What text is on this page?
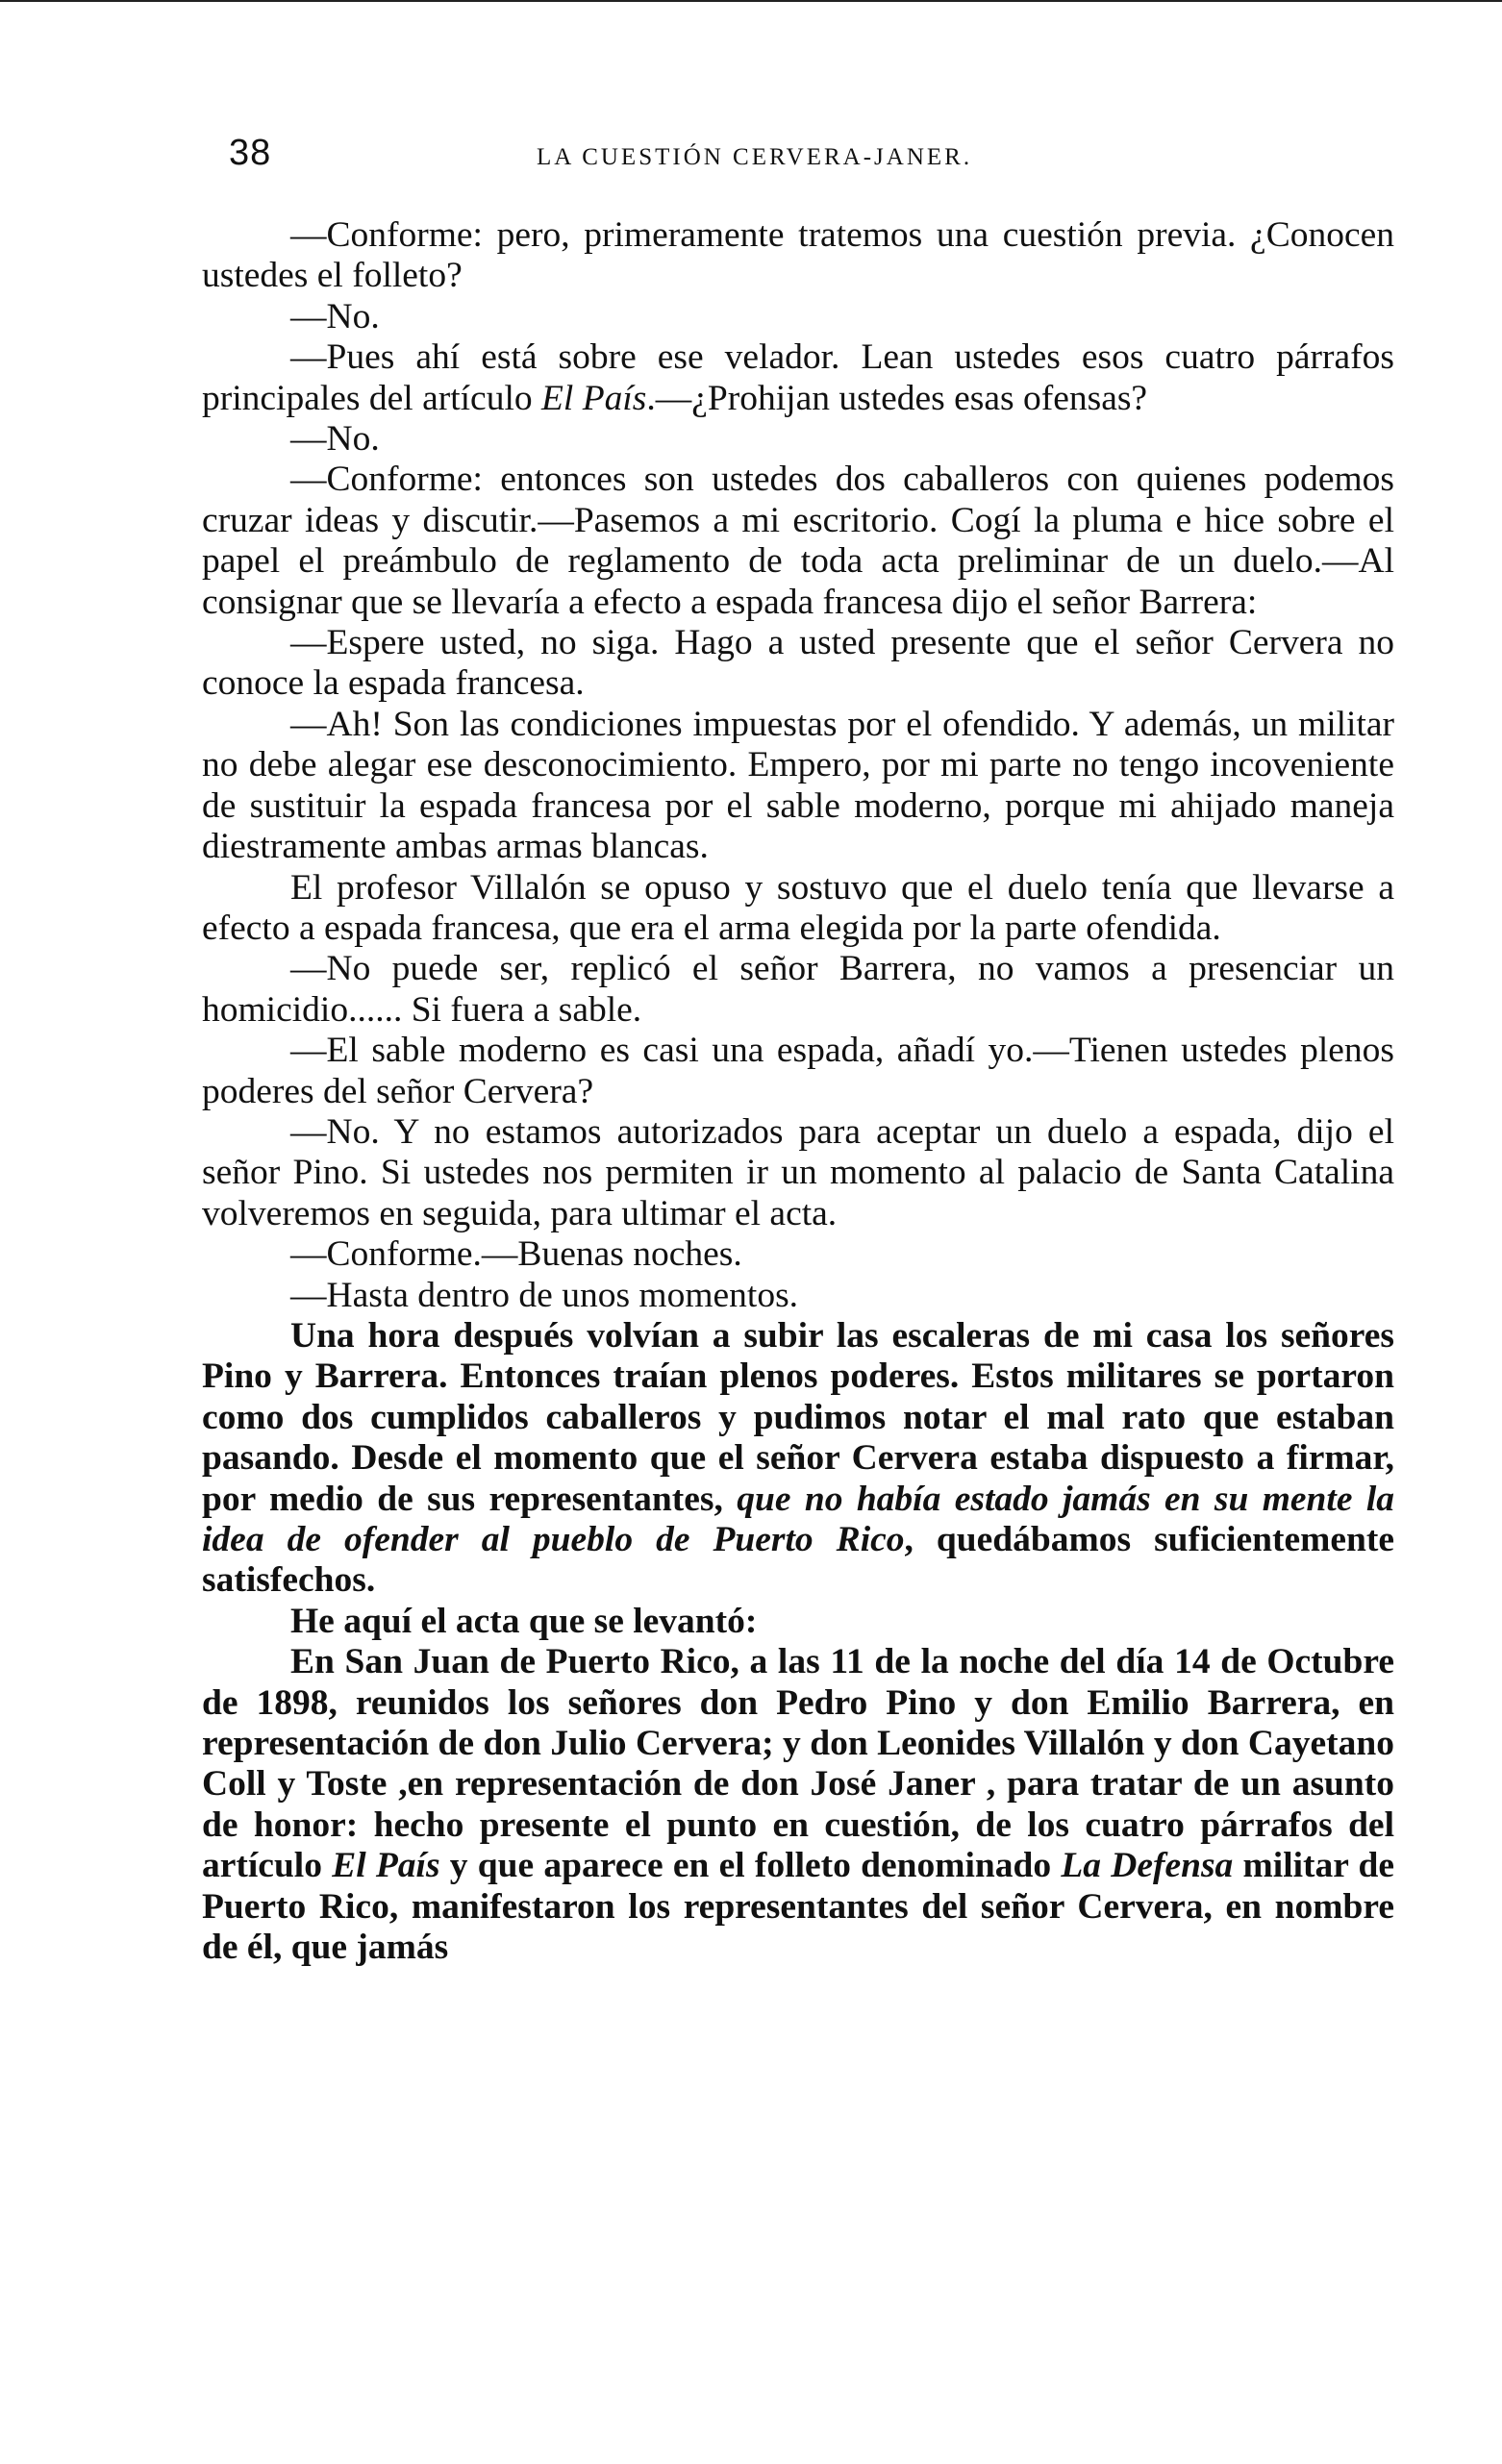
38	LA CUESTIÓN CERVERA-JANER.

—Conforme: pero, primeramente tratemos una cuestión previa. ¿Conocen ustedes el folleto?

—No.

—Pues ahí está sobre ese velador. Lean ustedes esos cuatro párrafos principales del artículo El País.—¿Prohijan ustedes esas ofensas?

—No.

—Conforme: entonces son ustedes dos caballeros con quienes podemos cruzar ideas y discutir.—Pasemos a mi escritorio. Cogí la pluma e hice sobre el papel el preámbulo de reglamento de toda acta preliminar de un duelo.—Al consignar que se llevaría a efecto a espada francesa dijo el señor Barrera:

—Espere usted, no siga. Hago a usted presente que el señor Cervera no conoce la espada francesa.

—Ah! Son las condiciones impuestas por el ofendido. Y además, un militar no debe alegar ese desconocimiento. Empero, por mi parte no tengo incoveniente de sustituir la espada francesa por el sable moderno, porque mi ahijado maneja diestramente ambas armas blancas.

El profesor Villalón se opuso y sostuvo que el duelo tenía que llevarse a efecto a espada francesa, que era el arma elegida por la parte ofendida.

—No puede ser, replicó el señor Barrera, no vamos a presenciar un homicidio...... Si fuera a sable.

—El sable moderno es casi una espada, añadí yo.—Tienen ustedes plenos poderes del señor Cervera?

—No. Y no estamos autorizados para aceptar un duelo a espada, dijo el señor Pino. Si ustedes nos permiten ir un momento al palacio de Santa Catalina volveremos en seguida, para ultimar el acta.

—Conforme.—Buenas noches.

—Hasta dentro de unos momentos.

Una hora después volvían a subir las escaleras de mi casa los señores Pino y Barrera. Entonces traían plenos poderes. Estos militares se portaron como dos cumplidos caballeros y pudimos notar el mal rato que estaban pasando. Desde el momento que el señor Cervera estaba dispuesto a firmar, por medio de sus representantes, que no había estado jamás en su mente la idea de ofender al pueblo de Puerto Rico, quedábamos suficientemente satisfechos.

He aquí el acta que se levantó:

En San Juan de Puerto Rico, a las 11 de la noche del día 14 de Octubre de 1898, reunidos los señores don Pedro Pino y don Emilio Barrera, en representación de don Julio Cervera; y don Leonides Villalón y don Cayetano Coll y Toste ,en representación de don José Janer , para tratar de un asunto de honor: hecho presente el punto en cuestión, de los cuatro párrafos del artículo El País y que aparece en el folleto denominado La Defensa militar de Puerto Rico, manifestaron los representantes del señor Cervera, en nombre de él, que jamás
